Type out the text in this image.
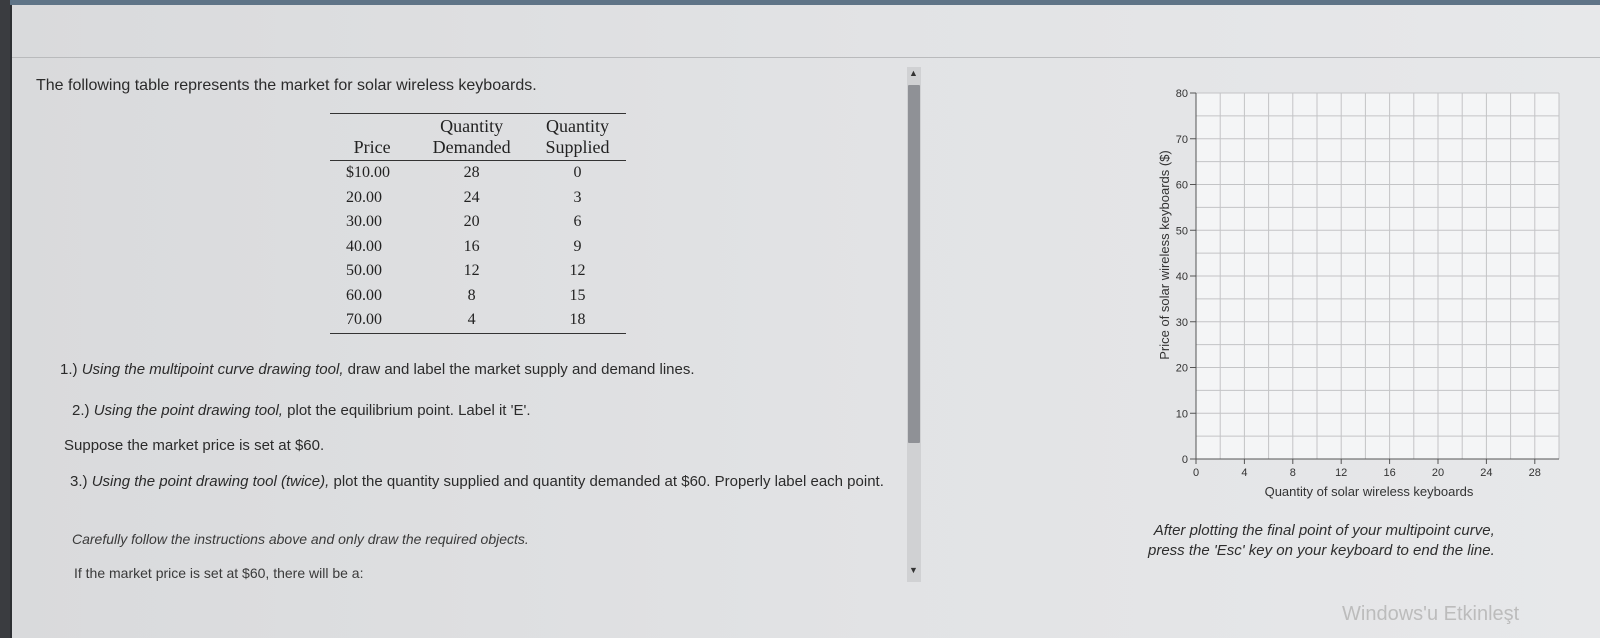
The following table represents the market for solar wireless keyboards.
	Quantity	Quantity
Price	Demanded	Supplied
$10.00	28	0
20.00	24	3
30.00	20	6
40.00	16	9
50.00	12	12
60.00	8	15
70.00	4	18
1.) Using the multipoint curve drawing tool, draw and label the market supply and demand lines.
2.) Using the point drawing tool, plot the equilibrium point. Label it 'E'.
Suppose the market price is set at $60.
3.) Using the point drawing tool (twice), plot the quantity supplied and quantity demanded at $60. Properly label each point.
Carefully follow the instructions above and only draw the required objects.
If the market price is set at $60, there will be a:
▲
▼
0
10
20
30
40
50
60
70
80
0	4	8	12	16	20	24	28
Price of solar wireless keyboards ($)
Quantity of solar wireless keyboards
After plotting the final point of your multipoint curve,
press the 'Esc' key on your keyboard to end the line.
Windows'u Etkinleşt
